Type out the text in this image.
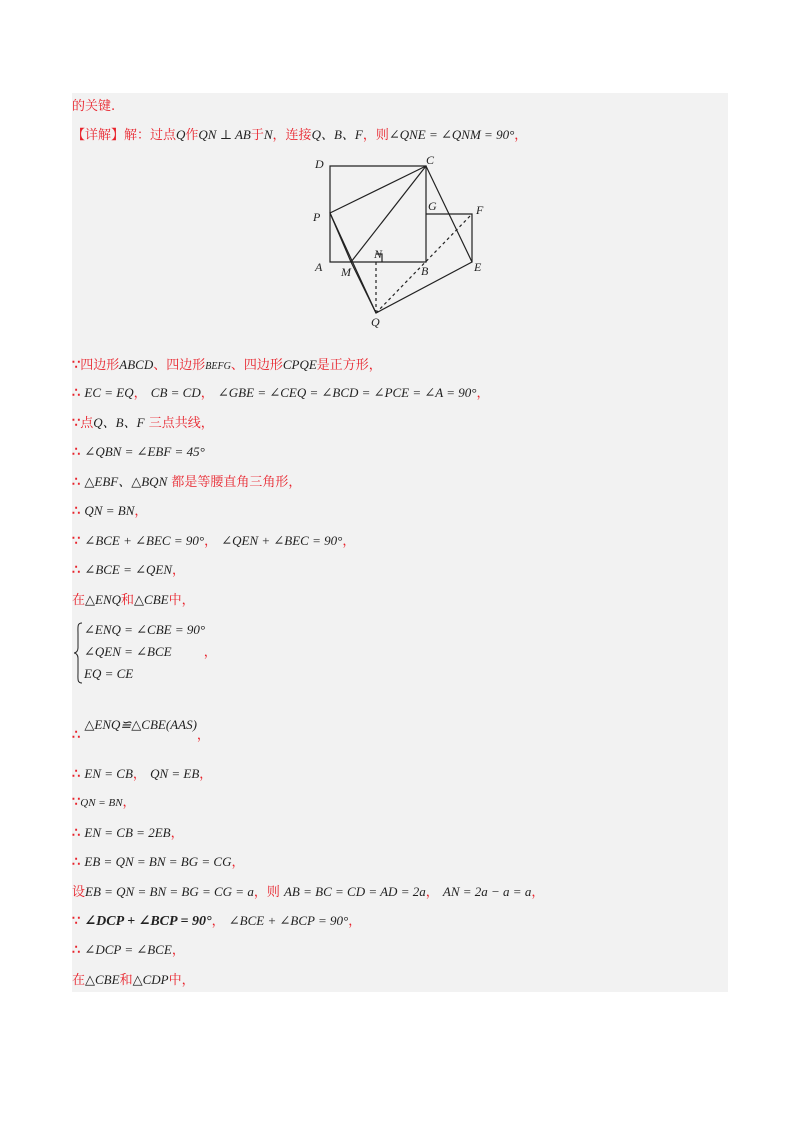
的关键.
【详解】解：过点Q作QN ⊥ AB于N，连接Q、B、F，则∠QNE = ∠QNM = 90°，
D	C
P
G	F
A M
N
B	E
Q
∵四边形ABCD、四边形BEFG、四边形CPQE是正方形，
∴ EC = EQ， CB = CD， ∠GBE = ∠CEQ = ∠BCD = ∠PCE = ∠A = 90°，
∵点Q、B、F 三点共线，
∴ ∠QBN = ∠EBF = 45°
∴ △EBF、△BQN 都是等腰直角三角形，
∴ QN = BN，
∵ ∠BCE + ∠BEC = 90°， ∠QEN + ∠BEC = 90°，
∴ ∠BCE = ∠QEN，
在△ENQ和△CBE中，
∠ENQ = ∠CBE = 90°
∠QEN = ∠BCE ，
EQ = CE
∴ △ENQ≌△CBE(AAS)，
∴ EN = CB， QN = EB，
∵QN = BN，
∴ EN = CB = 2EB，
∴ EB = QN = BN = BG = CG，
设EB = QN = BN = BG = CG = a，则 AB = BC = CD = AD = 2a， AN = 2a − a = a，
∵ ∠DCP + ∠BCP = 90°， ∠BCE + ∠BCP = 90°，
∴ ∠DCP = ∠BCE，
在△CBE和△CDP中，
